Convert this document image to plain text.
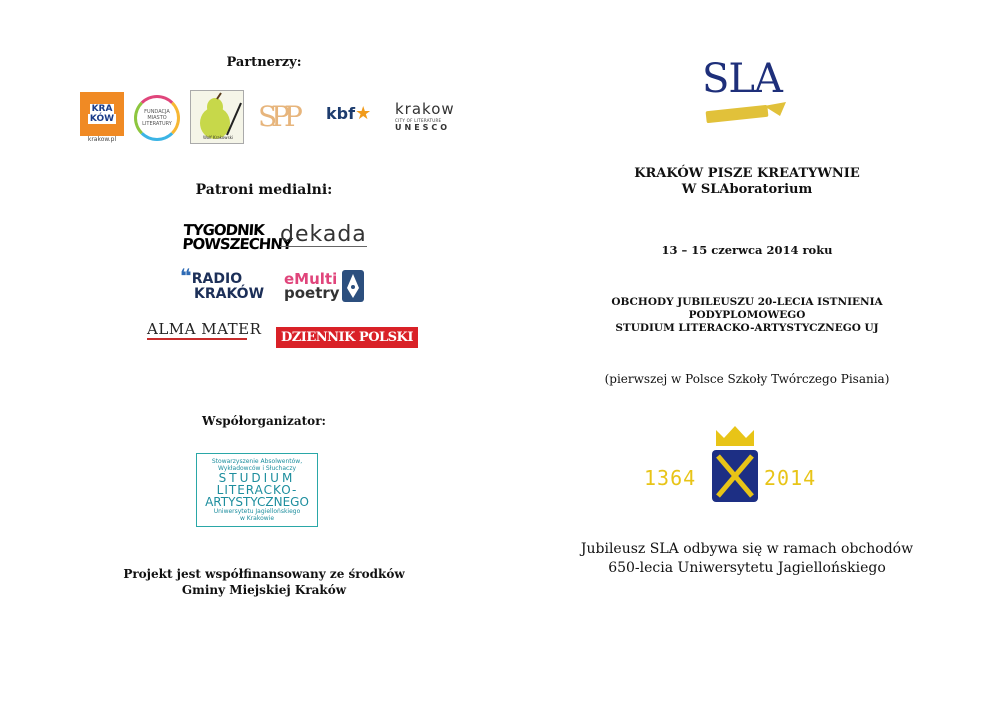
Partnerzy:
KRA
KÓW
krakow.pl
FUNDACJA MIASTO LITERATURY
Wolf Krakowski
SPP kbf ★ krakow
CITY OF LITERATURE
UNESCO
Patroni medialni:
TYGODNIK
POWSZECHNY
dekada
❝RADIO
KRAKÓW
eMulti
poetry
ALMA MATER	DZIENNIK POLSKI
Współorganizator:
Stowarzyszenie Absolwentów,
Wykładowców i Słuchaczy
STUDIUM
LITERACKO-
ARTYSTYCZNEGO
Uniwersytetu Jagiellońskiego
w Krakowie
Projekt jest współfinansowany ze środków
Gminy Miejskiej Kraków
SLA
KRAKÓW PISZE KREATYWNIE
W SLAboratorium
13 – 15 czerwca 2014 roku
OBCHODY JUBILEUSZU 20-LECIA ISTNIENIA
PODYPLOMOWEGO
STUDIUM LITERACKO-ARTYSTYCZNEGO UJ
(pierwszej w Polsce Szkoły Twórczego Pisania)
1364	2014
Jubileusz SLA odbywa się w ramach obchodów
650-lecia Uniwersytetu Jagiellońskiego
